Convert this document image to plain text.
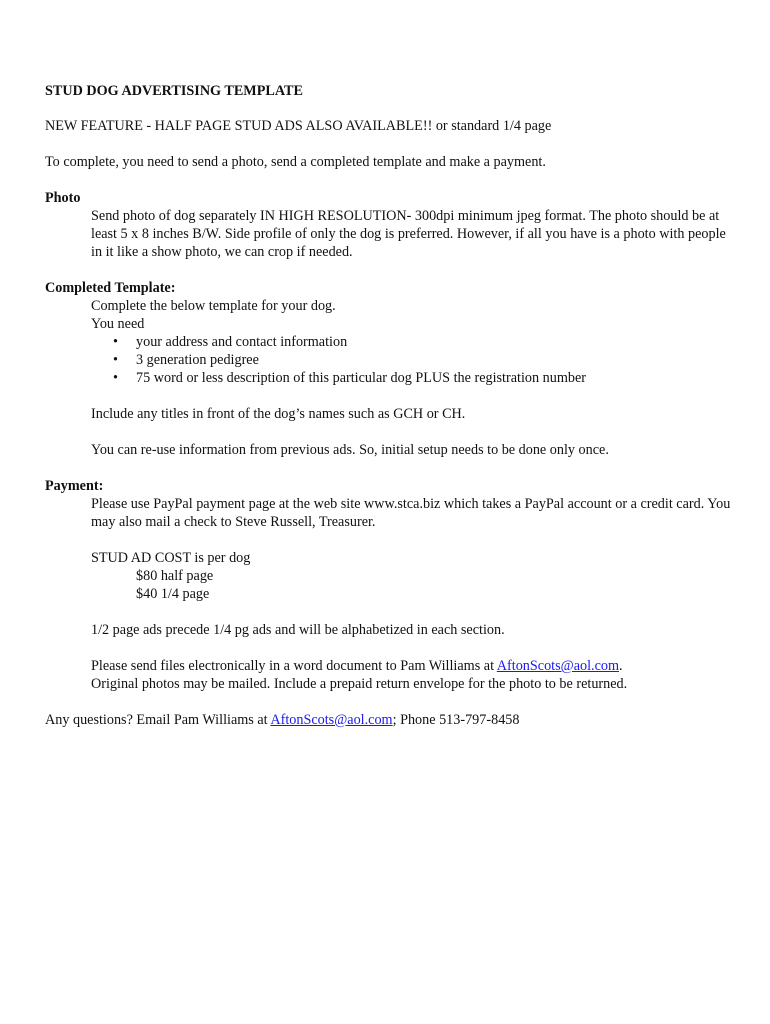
STUD DOG ADVERTISING TEMPLATE

NEW FEATURE - HALF PAGE STUD ADS ALSO AVAILABLE!! or standard 1/4 page

To complete, you need to send a photo, send a completed template and make a payment.

Photo

Send photo of dog separately IN HIGH RESOLUTION- 300dpi minimum jpeg format. The photo should be at least 5 x 8 inches B/W. Side profile of only the dog is preferred. However, if all you have is a photo with people in it like a show photo, we can crop if needed.

Completed Template:

Complete the below template for your dog.

You need

• your address and contact information
• 3 generation pedigree
• 75 word or less description of this particular dog PLUS the registration number

Include any titles in front of the dog’s names such as GCH or CH.

You can re-use information from previous ads. So, initial setup needs to be done only once.

Payment:

Please use PayPal payment page at the web site www.stca.biz which takes a PayPal account or a credit card. You may also mail a check to Steve Russell, Treasurer.

STUD AD COST is per dog

$80 half page

$40 1/4 page

1/2 page ads precede 1/4 pg ads and will be alphabetized in each section.

Please send files electronically in a word document to Pam Williams at AftonScots@aol.com.

Original photos may be mailed. Include a prepaid return envelope for the photo to be returned.

Any questions? Email Pam Williams at AftonScots@aol.com; Phone 513-797-8458
